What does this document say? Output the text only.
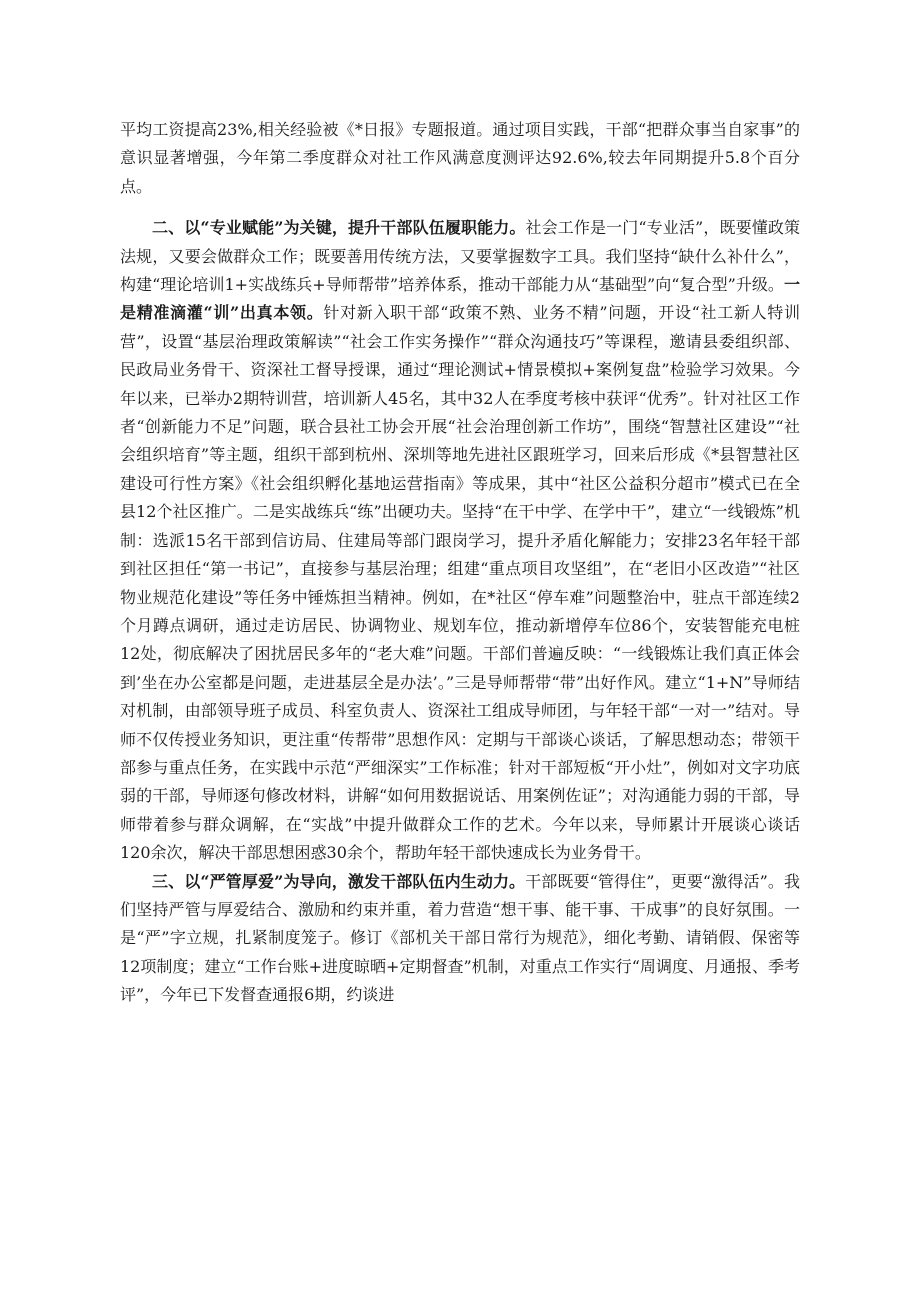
平均工资提高23%,相关经验被《*日报》专题报道。通过项目实践，干部“把群众事当自家事”的意识显著增强，今年第二季度群众对社工作风满意度测评达92.6%,较去年同期提升5.8个百分点。

二、以“专业赋能”为关键，提升干部队伍履职能力。社会工作是一门“专业活”，既要懂政策法规，又要会做群众工作；既要善用传统方法，又要掌握数字工具。我们坚持“缺什么补什么”，构建“理论培训1+实战练兵+导师帮带”培养体系，推动干部能力从“基础型”向“复合型”升级。一是精准滴灌“训”出真本领。针对新入职干部“政策不熟、业务不精”问题，开设“社工新人特训营”，设置“基层治理政策解读”“社会工作实务操作”“群众沟通技巧”等课程，邀请县委组织部、民政局业务骨干、资深社工督导授课，通过“理论测试+情景模拟+案例复盘”检验学习效果。今年以来，已举办2期特训营，培训新人45名，其中32人在季度考核中获评“优秀”。针对社区工作者“创新能力不足”问题，联合县社工协会开展“社会治理创新工作坊”，围绕“智慧社区建设”“社会组织培育”等主题，组织干部到杭州、深圳等地先进社区跟班学习，回来后形成《*县智慧社区建设可行性方案》《社会组织孵化基地运营指南》等成果，其中“社区公益积分超市”模式已在全县12个社区推广。二是实战练兵“练”出硬功夫。坚持“在干中学、在学中干”，建立“一线锻炼”机制：选派15名干部到信访局、住建局等部门跟岗学习，提升矛盾化解能力；安排23名年轻干部到社区担任“第一书记”，直接参与基层治理；组建“重点项目攻坚组”，在“老旧小区改造”“社区物业规范化建设”等任务中锤炼担当精神。例如，在*社区“停车难”问题整治中，驻点干部连续2个月蹲点调研，通过走访居民、协调物业、规划车位，推动新增停车位86个，安装智能充电桩12处，彻底解决了困扰居民多年的“老大难”问题。干部们普遍反映：“一线锻炼让我们真正体会到’坐在办公室都是问题，走进基层全是办法’。”三是导师帮带“带”出好作风。建立“1+N”导师结对机制，由部领导班子成员、科室负责人、资深社工组成导师团，与年轻干部“一对一”结对。导师不仅传授业务知识，更注重“传帮带”思想作风：定期与干部谈心谈话，了解思想动态；带领干部参与重点任务，在实践中示范“严细深实”工作标准；针对干部短板“开小灶”，例如对文字功底弱的干部，导师逐句修改材料，讲解“如何用数据说话、用案例佐证”；对沟通能力弱的干部，导师带着参与群众调解，在“实战”中提升做群众工作的艺术。今年以来，导师累计开展谈心谈话120余次，解决干部思想困惑30余个，帮助年轻干部快速成长为业务骨干。

三、以“严管厚爱”为导向，激发干部队伍内生动力。干部既要“管得住”，更要“激得活”。我们坚持严管与厚爱结合、激励和约束并重，着力营造“想干事、能干事、干成事”的良好氛围。一是“严”字立规，扎紧制度笼子。修订《部机关干部日常行为规范》，细化考勤、请销假、保密等12项制度；建立“工作台账+进度晾晒+定期督查”机制，对重点工作实行“周调度、月通报、季考评”，今年已下发督查通报6期，约谈进
